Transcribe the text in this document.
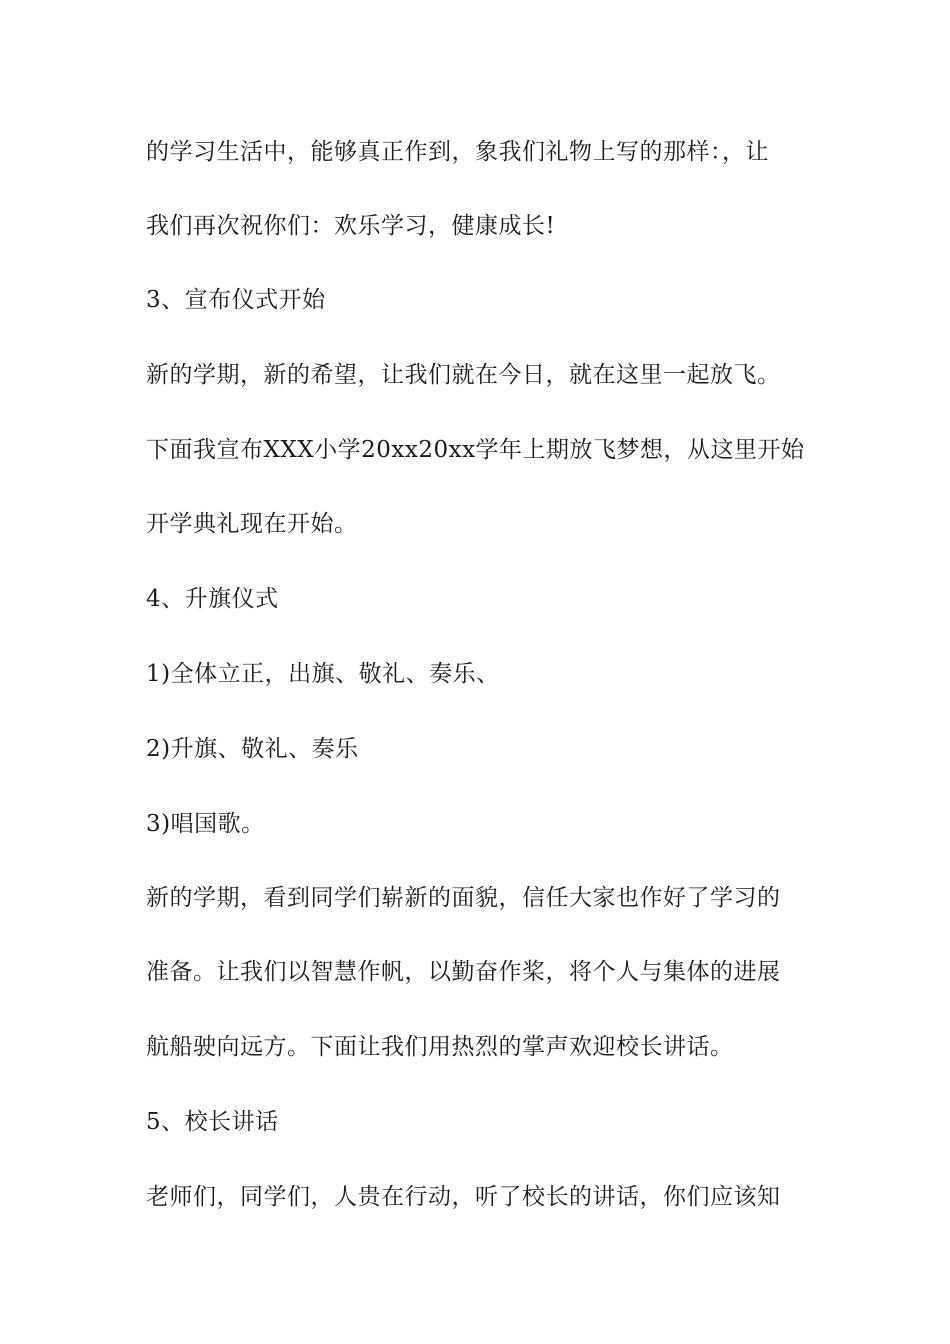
的学习生活中，能够真正作到，象我们礼物上写的那样：，让
我们再次祝你们：欢乐学习，健康成长!
3、宣布仪式开始
新的学期，新的希望，让我们就在今日，就在这里一起放飞。
下面我宣布XXX小学20xx20xx学年上期放飞梦想，从这里开始
开学典礼现在开始。
4、升旗仪式
1)全体立正，出旗、敬礼、奏乐、
2)升旗、敬礼、奏乐
3)唱国歌。
新的学期，看到同学们崭新的面貌，信任大家也作好了学习的
准备。让我们以智慧作帆，以勤奋作桨，将个人与集体的进展
航船驶向远方。下面让我们用热烈的掌声欢迎校长讲话。
5、校长讲话
老师们，同学们，人贵在行动，听了校长的讲话，你们应该知
